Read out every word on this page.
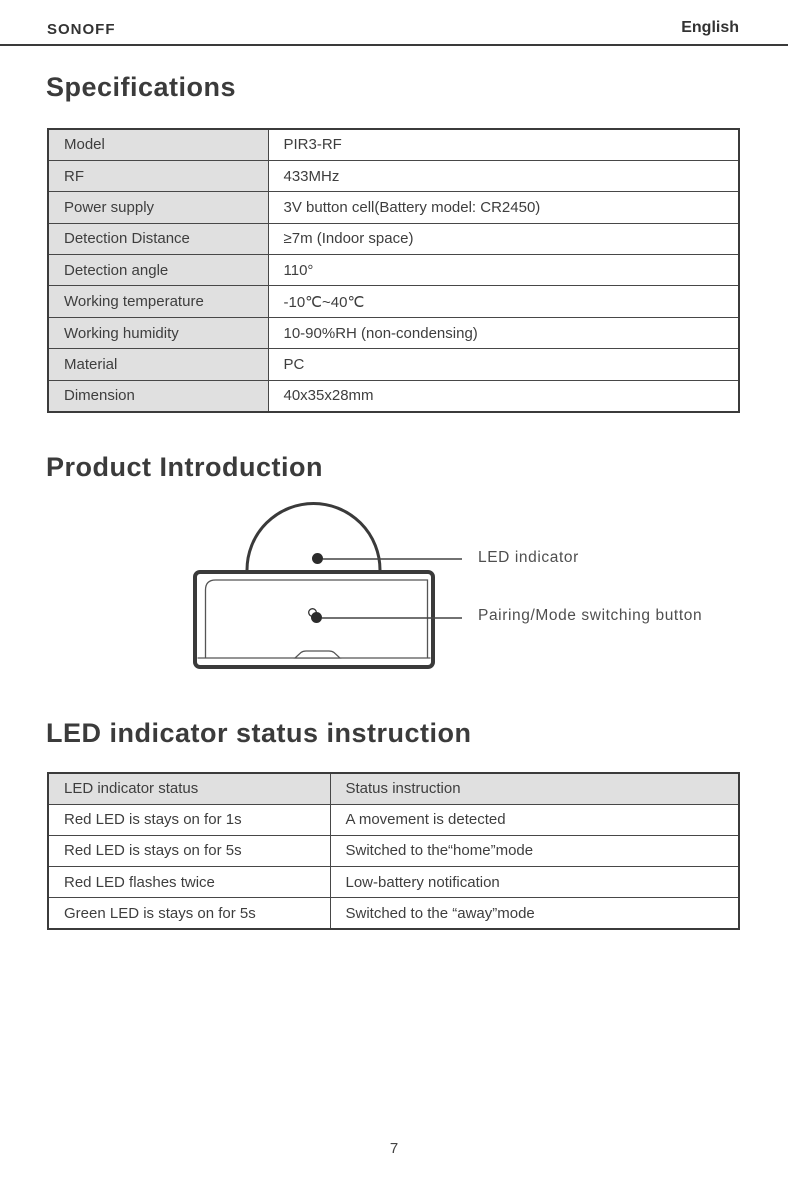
SONOFF	English
Specifications
Model	PIR3-RF
RF	433MHz
Power supply	3V button cell(Battery model: CR2450)
Detection Distance	≥7m (Indoor space)
Detection angle	110°
Working temperature	-10℃~40℃
Working humidity	10-90%RH (non-condensing)
Material	PC
Dimension	40x35x28mm
Product Introduction
LED indicator
Pairing/Mode switching button
LED indicator status instruction
LED indicator status	Status instruction
Red LED is stays on for 1s	A movement is detected
Red LED is stays on for 5s	Switched to the“home”mode
Red LED flashes twice	Low-battery notification
Green LED is stays on for 5s	Switched to the “away”mode
7
